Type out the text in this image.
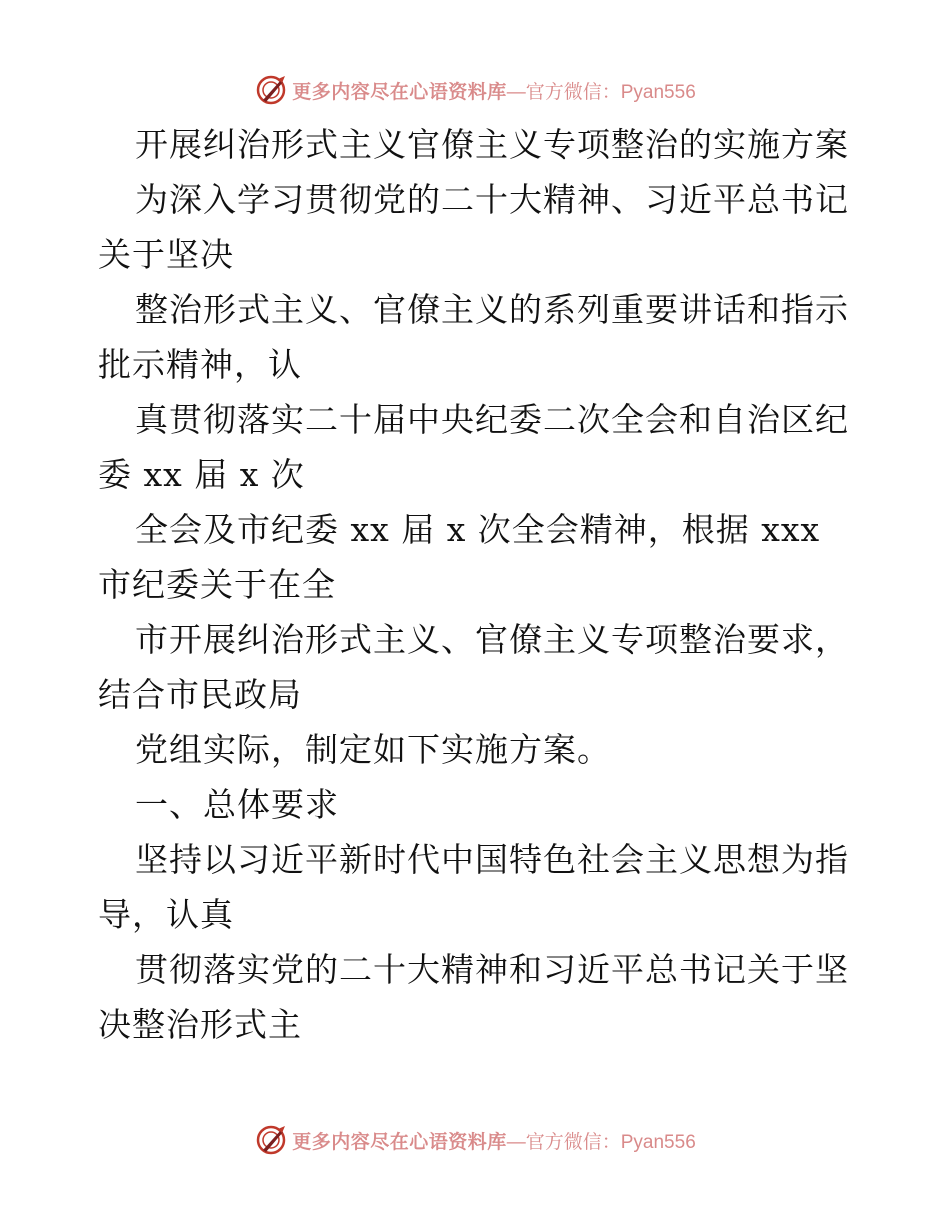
更多内容尽在心语资料库 —官方微信：Pyan556
开展纠治形式主义官僚主义专项整治的实施方案
为深入学习贯彻党的二十大精神、习近平总书记
关于坚决
整治形式主义、官僚主义的系列重要讲话和指示
批示精神，认
真贯彻落实二十届中央纪委二次全会和自治区纪
委 xx 届 x 次
全会及市纪委 xx 届 x 次全会精神，根据 xxx
市纪委关于在全
市开展纠治形式主义、官僚主义专项整治要求，
结合市民政局
党组实际，制定如下实施方案。
一、总体要求
坚持以习近平新时代中国特色社会主义思想为指
导，认真
贯彻落实党的二十大精神和习近平总书记关于坚
决整治形式主
更多内容尽在心语资料库 —官方微信：Pyan556
